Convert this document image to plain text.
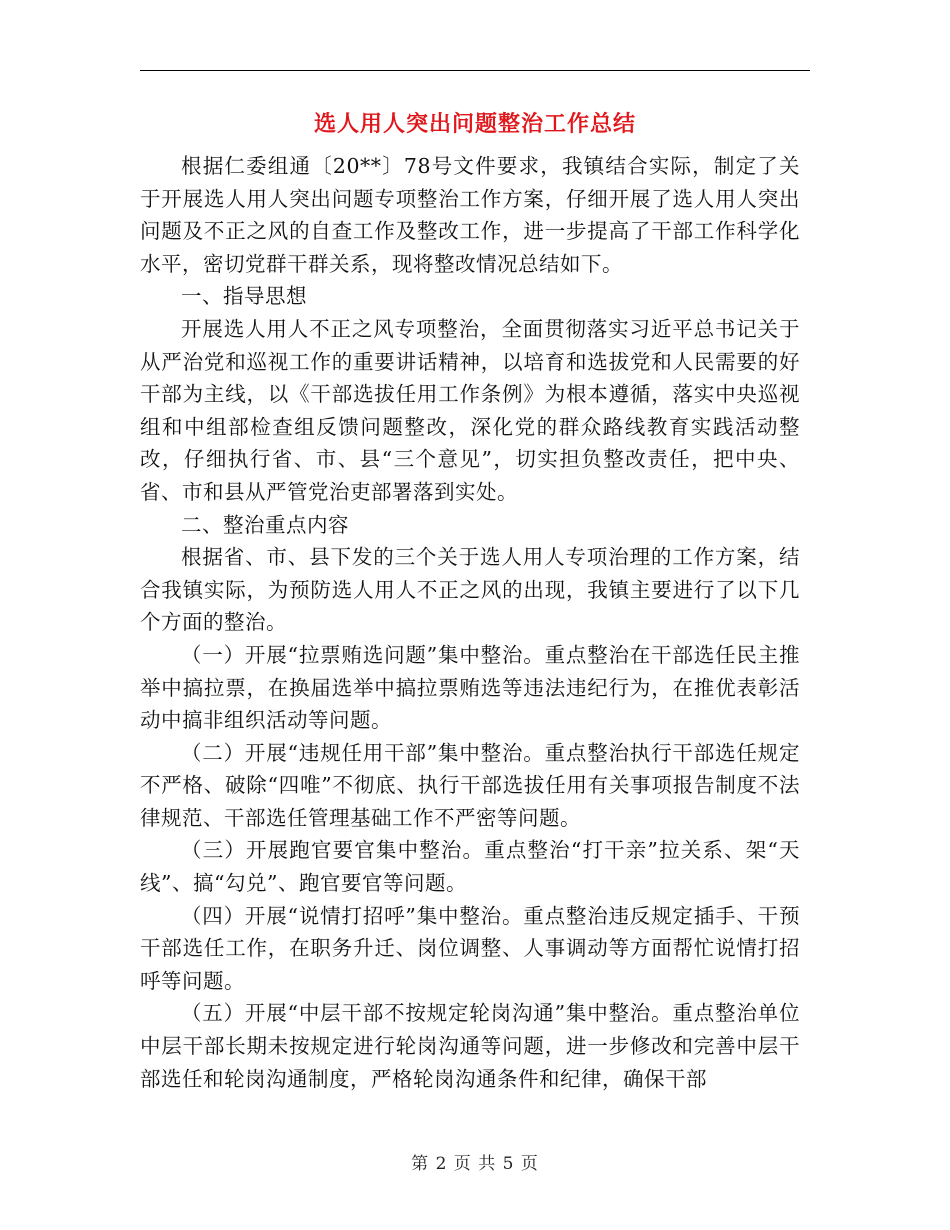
选人用人突出问题整治工作总结

根据仁委组通〔20**〕78号文件要求，我镇结合实际，制定了关于开展选人用人突出问题专项整治工作方案，仔细开展了选人用人突出问题及不正之风的自查工作及整改工作，进一步提高了干部工作科学化水平，密切党群干群关系，现将整改情况总结如下。

一、指导思想

开展选人用人不正之风专项整治，全面贯彻落实习近平总书记关于从严治党和巡视工作的重要讲话精神，以培育和选拔党和人民需要的好干部为主线，以《干部选拔任用工作条例》为根本遵循，落实中央巡视组和中组部检查组反馈问题整改，深化党的群众路线教育实践活动整改，仔细执行省、市、县“三个意见”，切实担负整改责任，把中央、省、市和县从严管党治吏部署落到实处。

二、整治重点内容

根据省、市、县下发的三个关于选人用人专项治理的工作方案，结合我镇实际，为预防选人用人不正之风的出现，我镇主要进行了以下几个方面的整治。

（一）开展“拉票贿选问题”集中整治。重点整治在干部选任民主推举中搞拉票，在换届选举中搞拉票贿选等违法违纪行为，在推优表彰活动中搞非组织活动等问题。

（二）开展“违规任用干部”集中整治。重点整治执行干部选任规定不严格、破除“四唯”不彻底、执行干部选拔任用有关事项报告制度不法律规范、干部选任管理基础工作不严密等问题。

（三）开展跑官要官集中整治。重点整治“打干亲”拉关系、架“天线”、搞“勾兑”、跑官要官等问题。

（四）开展“说情打招呼”集中整治。重点整治违反规定插手、干预干部选任工作，在职务升迁、岗位调整、人事调动等方面帮忙说情打招呼等问题。

（五）开展“中层干部不按规定轮岗沟通”集中整治。重点整治单位中层干部长期未按规定进行轮岗沟通等问题，进一步修改和完善中层干部选任和轮岗沟通制度，严格轮岗沟通条件和纪律，确保干部

第 2 页 共 5 页
